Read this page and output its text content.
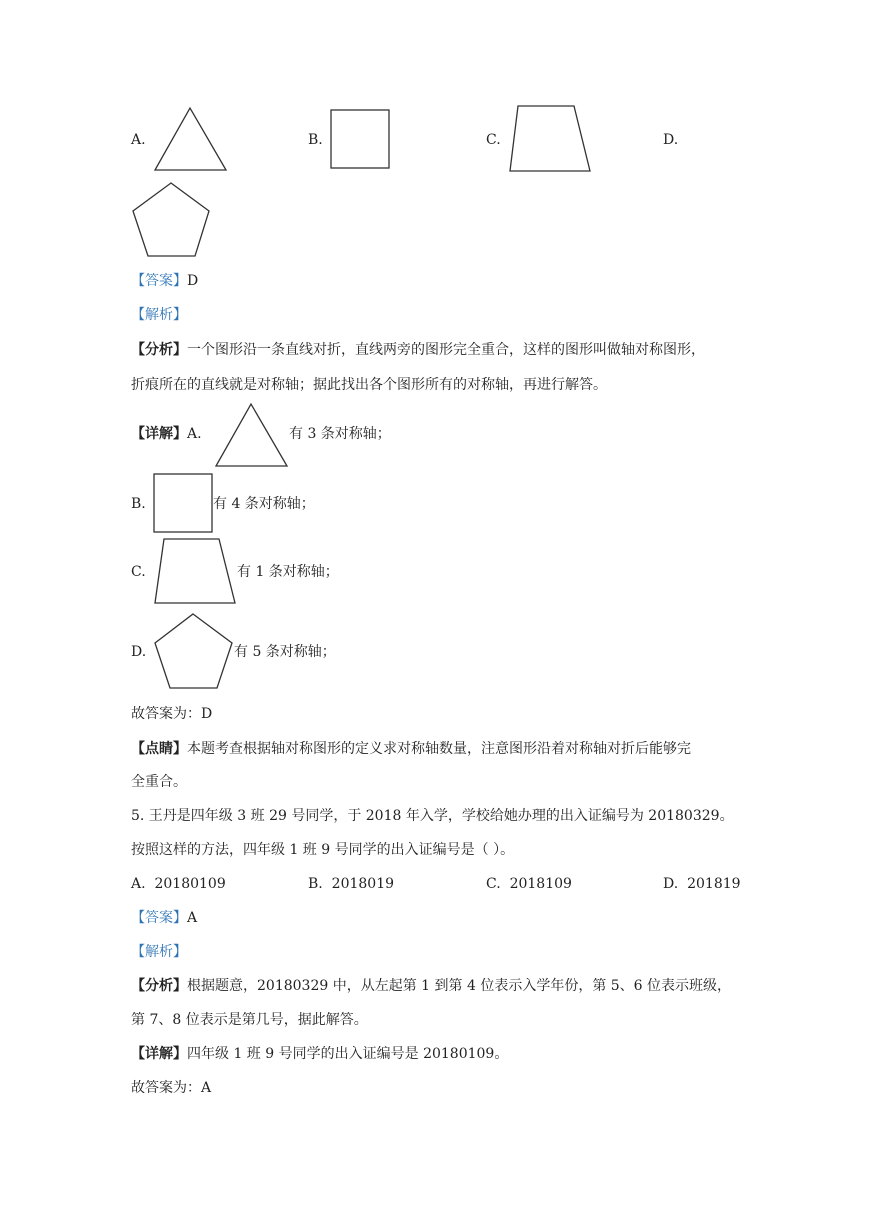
A.	B.	C.	D.
【答案】D
【解析】
【分析】一个图形沿一条直线对折，直线两旁的图形完全重合，这样的图形叫做轴对称图形，
折痕所在的直线就是对称轴；据此找出各个图形所有的对称轴，再进行解答。
【详解】A.	有 3 条对称轴；
B.	有 4 条对称轴；
C.	有 1 条对称轴；
D.	有 5 条对称轴；
故答案为：D
【点睛】本题考查根据轴对称图形的定义求对称轴数量，注意图形沿着对称轴对折后能够完
全重合。
5. 王丹是四年级 3 班 29 号同学，于 2018 年入学，学校给她办理的出入证编号为 20180329。
按照这样的方法，四年级 1 班 9 号同学的出入证编号是（ ）。
A. 20180109	B. 2018019	C. 2018109	D. 201819
【答案】A
【解析】
【分析】根据题意，20180329 中，从左起第 1 到第 4 位表示入学年份，第 5、6 位表示班级，
第 7、8 位表示是第几号，据此解答。
【详解】四年级 1 班 9 号同学的出入证编号是 20180109。
故答案为：A
